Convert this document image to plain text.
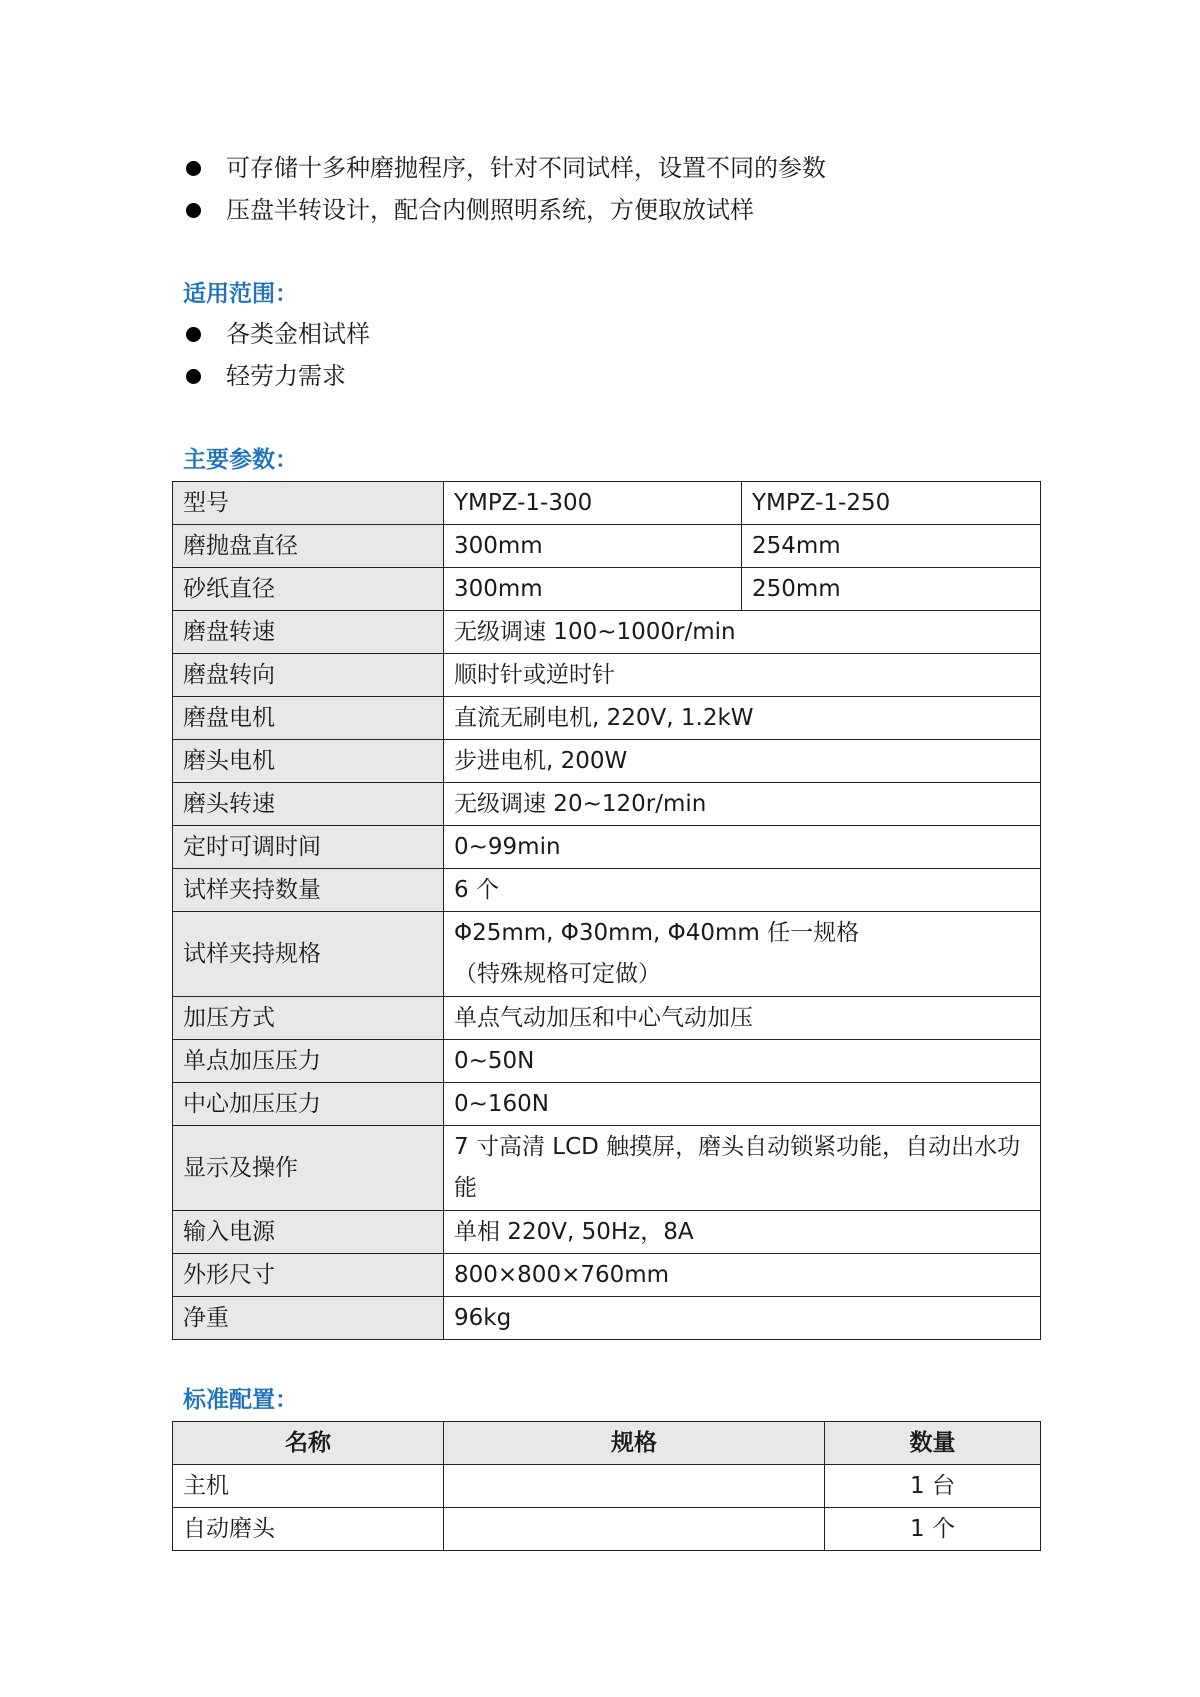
可存储十多种磨抛程序，针对不同试样，设置不同的参数
压盘半转设计，配合内侧照明系统，方便取放试样
适用范围：
各类金相试样
轻劳力需求
主要参数：
型号	YMPZ-1-300	YMPZ-1-250
磨抛盘直径	300mm	254mm
砂纸直径	300mm	250mm
磨盘转速	无级调速 100~1000r/min	
磨盘转向	顺时针或逆时针	
磨盘电机	直流无刷电机, 220V, 1.2kW	
磨头电机	步进电机, 200W	
磨头转速	无级调速 20~120r/min	
定时可调时间	0~99min	
试样夹持数量	6 个	
试样夹持规格	Φ25mm, Φ30mm, Φ40mm 任一规格
（特殊规格可定做）	
加压方式	单点气动加压和中心气动加压	
单点加压压力	0~50N	
中心加压压力	0~160N	
显示及操作	7 寸高清 LCD 触摸屏，磨头自动锁紧功能，自动出水功能	
输入电源	单相 220V, 50Hz，8A	
外形尺寸	800×800×760mm	
净重	96kg	
标准配置：
名称	规格	数量
主机		1 台
自动磨头		1 个
